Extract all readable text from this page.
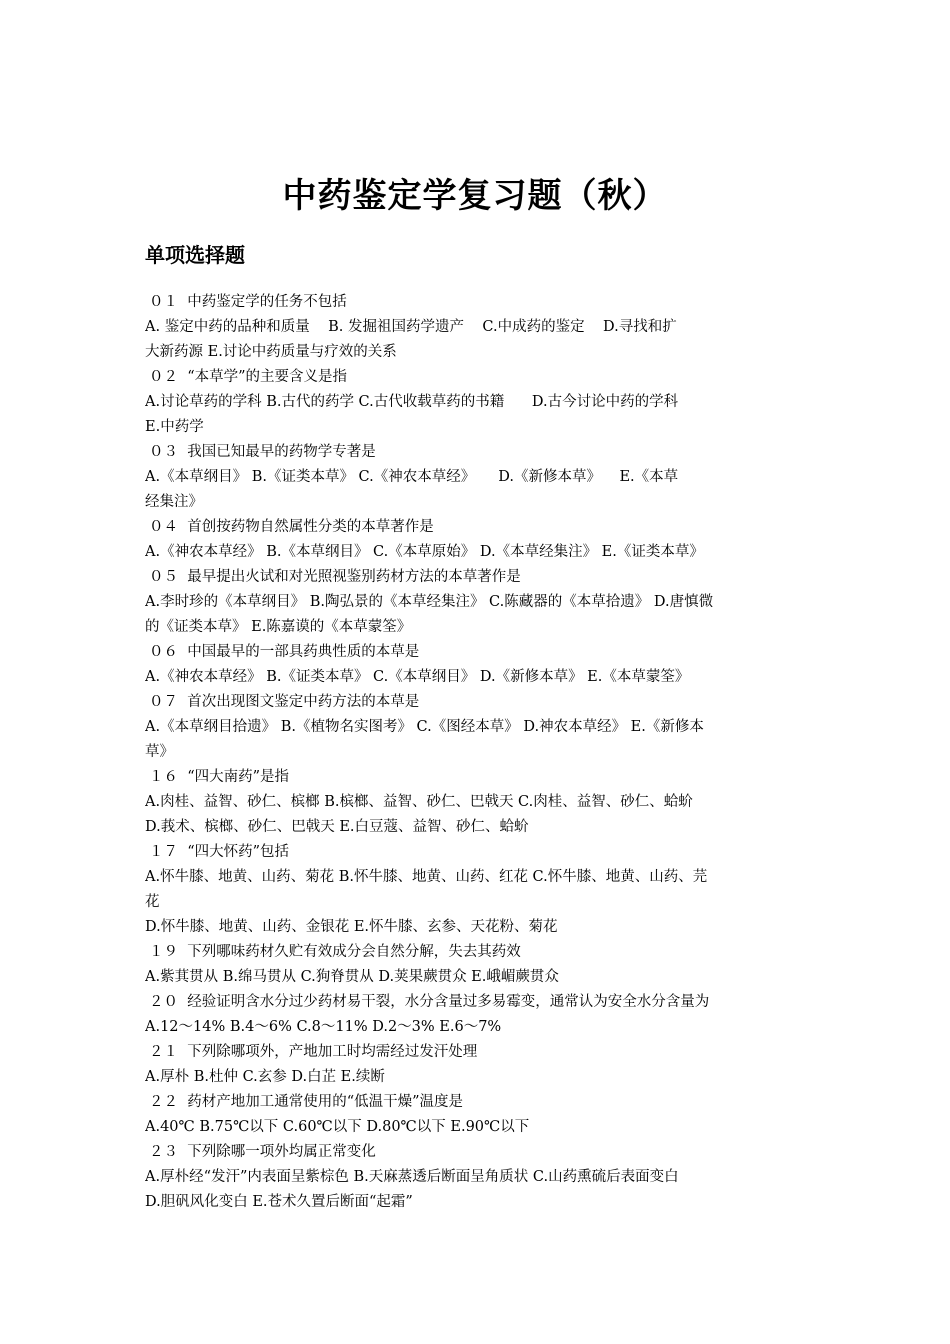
中药鉴定学复习题（秋）
单项选择题
０１  中药鉴定学的任务不包括
A. 鉴定中药的品种和质量    B. 发掘祖国药学遗产    C.中成药的鉴定    D.寻找和扩
大新药源 E.讨论中药质量与疗效的关系
０２  “本草学”的主要含义是指
A.讨论草药的学科 B.古代的药学 C.古代收载草药的书籍      D.古今讨论中药的学科
E.中药学
０３  我国已知最早的药物学专著是
A.《本草纲目》 B.《证类本草》 C.《神农本草经》     D.《新修本草》    E.《本草
经集注》
０４  首创按药物自然属性分类的本草著作是
A.《神农本草经》 B.《本草纲目》 C.《本草原始》 D.《本草经集注》 E.《证类本草》
０５  最早提出火试和对光照视鉴别药材方法的本草著作是
A.李时珍的《本草纲目》 B.陶弘景的《本草经集注》 C.陈藏器的《本草拾遗》 D.唐慎微
的《证类本草》 E.陈嘉谟的《本草蒙筌》
０６  中国最早的一部具药典性质的本草是
A.《神农本草经》 B.《证类本草》 C.《本草纲目》 D.《新修本草》 E.《本草蒙筌》
０７  首次出现图文鉴定中药方法的本草是
A.《本草纲目拾遗》 B.《植物名实图考》 C.《图经本草》 D.神农本草经》 E.《新修本
草》
１６  “四大南药”是指
A.肉桂、益智、砂仁、槟榔 B.槟榔、益智、砂仁、巴戟天 C.肉桂、益智、砂仁、蛤蚧
D.莪术、槟榔、砂仁、巴戟天 E.白豆蔻、益智、砂仁、蛤蚧
１７  “四大怀药”包括
A.怀牛膝、地黄、山药、菊花 B.怀牛膝、地黄、山药、红花 C.怀牛膝、地黄、山药、芫
花
D.怀牛膝、地黄、山药、金银花 E.怀牛膝、玄参、天花粉、菊花
１９  下列哪味药材久贮有效成分会自然分解，失去其药效
A.紫萁贯从 B.绵马贯从 C.狗脊贯从 D.荚果蕨贯众 E.峨嵋蕨贯众
２０  经验证明含水分过少药材易干裂，水分含量过多易霉变，通常认为安全水分含量为
A.12～14% B.4～6% C.8～11% D.2～3% E.6～7%
２１  下列除哪项外，产地加工时均需经过发汗处理
A.厚朴 B.杜仲 C.玄参 D.白芷 E.续断
２２  药材产地加工通常使用的“低温干燥”温度是
A.40℃ B.75℃以下 C.60℃以下 D.80℃以下 E.90℃以下
２３  下列除哪一项外均属正常变化
A.厚朴经“发汗”内表面呈紫棕色 B.天麻蒸透后断面呈角质状 C.山药熏硫后表面变白
D.胆矾风化变白 E.苍术久置后断面“起霜”
